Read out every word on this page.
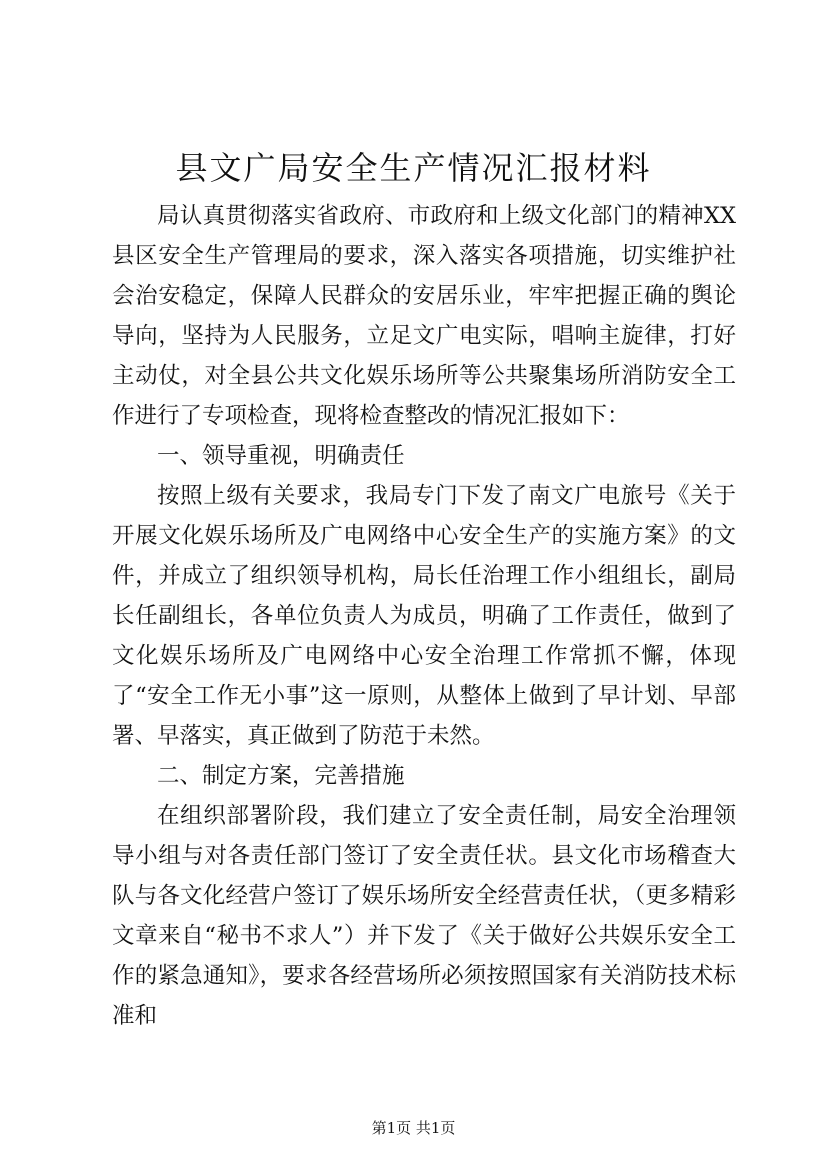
县文广局安全生产情况汇报材料

局认真贯彻落实省政府、市政府和上级文化部门的精神XX县区安全生产管理局的要求，深入落实各项措施，切实维护社会治安稳定，保障人民群众的安居乐业，牢牢把握正确的舆论导向，坚持为人民服务，立足文广电实际，唱响主旋律，打好主动仗，对全县公共文化娱乐场所等公共聚集场所消防安全工作进行了专项检查，现将检查整改的情况汇报如下：

一、领导重视，明确责任

按照上级有关要求，我局专门下发了南文广电旅号《关于开展文化娱乐场所及广电网络中心安全生产的实施方案》的文件，并成立了组织领导机构，局长任治理工作小组组长，副局长任副组长，各单位负责人为成员，明确了工作责任，做到了文化娱乐场所及广电网络中心安全治理工作常抓不懈，体现了“安全工作无小事”这一原则，从整体上做到了早计划、早部署、早落实，真正做到了防范于未然。

二、制定方案，完善措施

在组织部署阶段，我们建立了安全责任制，局安全治理领导小组与对各责任部门签订了安全责任状。县文化市场稽查大队与各文化经营户签订了娱乐场所安全经营责任状，（更多精彩文章来自“秘书不求人”）并下发了《关于做好公共娱乐安全工作的紧急通知》，要求各经营场所必须按照国家有关消防技术标准和

第1页 共1页
